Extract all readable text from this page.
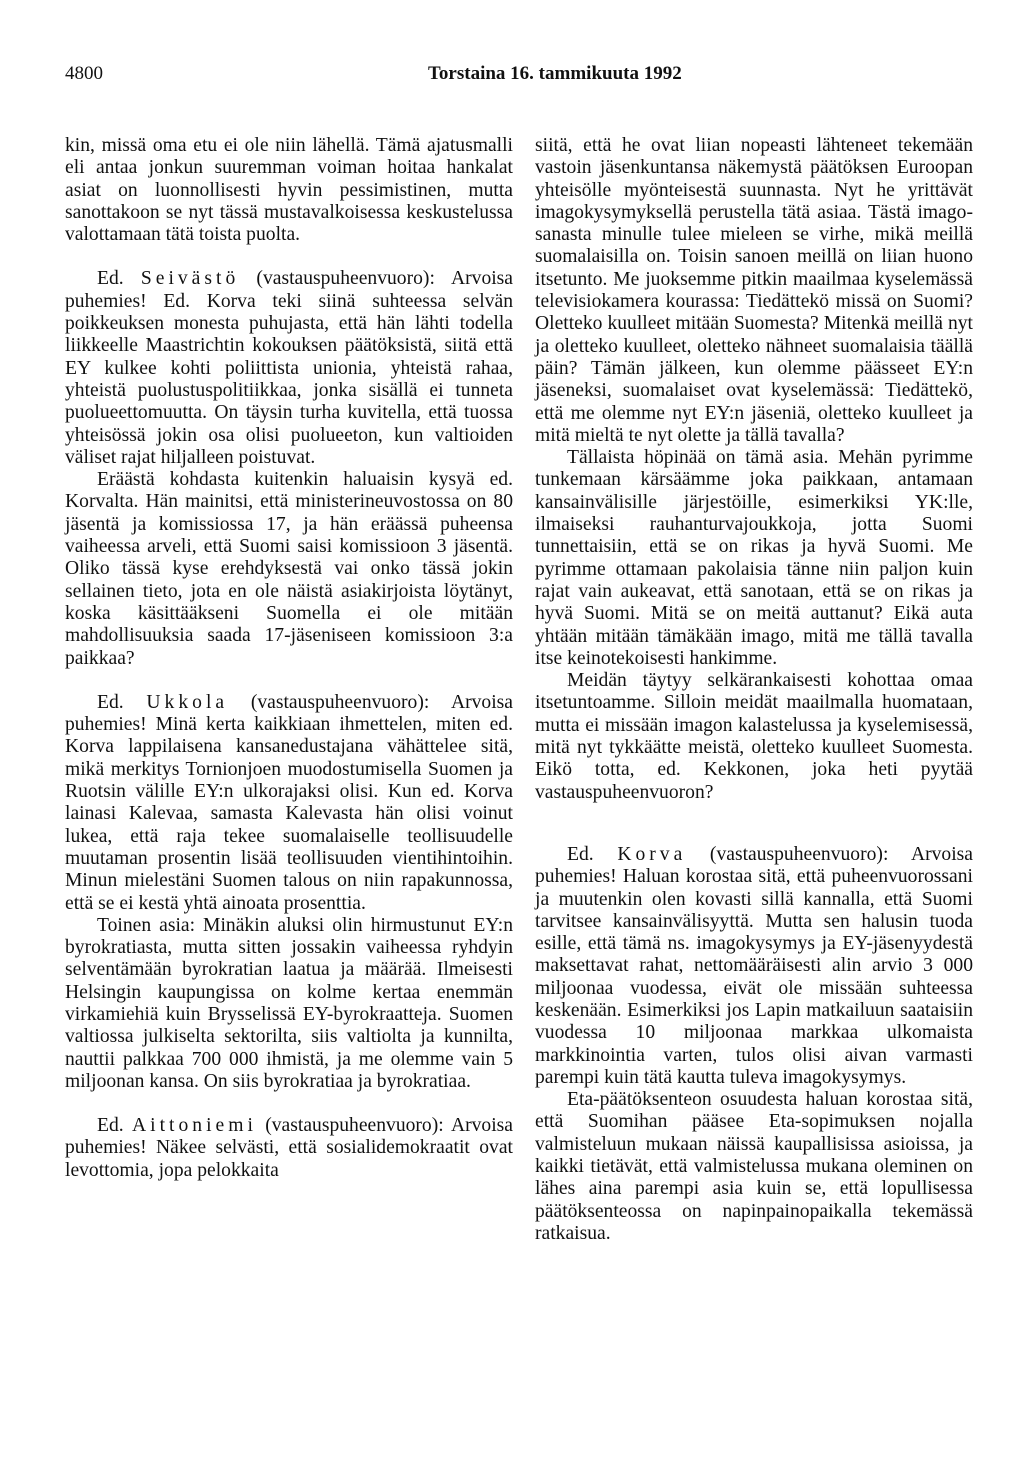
4800	Torstaina 16. tammikuuta 1992

kin, missä oma etu ei ole niin lähellä. Tämä ajatusmalli eli antaa jonkun suuremman voiman hoitaa hankalat asiat on luonnollisesti hyvin pessimistinen, mutta sanottakoon se nyt tässä mustavalkoisessa keskustelussa valottamaan tätä toista puolta.

Ed. Seivästö (vastauspuheenvuoro): Arvoisa puhemies! Ed. Korva teki siinä suhteessa selvän poikkeuksen monesta puhujasta, että hän lähti todella liikkeelle Maastrichtin kokouksen päätöksistä, siitä että EY kulkee kohti poliittista unionia, yhteistä rahaa, yhteistä puolustuspolitiikkaa, jonka sisällä ei tunneta puolueettomuutta. On täysin turha kuvitella, että tuossa yhteisössä jokin osa olisi puolueeton, kun valtioiden väliset rajat hiljalleen poistuvat.

Eräästä kohdasta kuitenkin haluaisin kysyä ed. Korvalta. Hän mainitsi, että ministerineuvostossa on 80 jäsentä ja komissiossa 17, ja hän eräässä puheensa vaiheessa arveli, että Suomi saisi komissioon 3 jäsentä. Oliko tässä kyse erehdyksestä vai onko tässä jokin sellainen tieto, jota en ole näistä asiakirjoista löytänyt, koska käsittääkseni Suomella ei ole mitään mahdollisuuksia saada 17-jäseniseen komissioon 3:a paikkaa?

Ed. Ukkola (vastauspuheenvuoro): Arvoisa puhemies! Minä kerta kaikkiaan ihmettelen, miten ed. Korva lappilaisena kansanedustajana vähättelee sitä, mikä merkitys Tornionjoen muodostumisella Suomen ja Ruotsin välille EY:n ulkorajaksi olisi. Kun ed. Korva lainasi Kalevaa, samasta Kalevasta hän olisi voinut lukea, että raja tekee suomalaiselle teollisuudelle muutaman prosentin lisää teollisuuden vientihintoihin. Minun mielestäni Suomen talous on niin rapakunnossa, että se ei kestä yhtä ainoata prosenttia.

Toinen asia: Minäkin aluksi olin hirmustunut EY:n byrokratiasta, mutta sitten jossakin vaiheessa ryhdyin selventämään byrokratian laatua ja määrää. Ilmeisesti Helsingin kaupungissa on kolme kertaa enemmän virkamiehiä kuin Brysselissä EY-byrokraatteja. Suomen valtiossa julkiselta sektorilta, siis valtiolta ja kunnilta, nauttii palkkaa 700 000 ihmistä, ja me olemme vain 5 miljoonan kansa. On siis byrokratiaa ja byrokratiaa.

Ed. Aittoniemi (vastauspuheenvuoro): Arvoisa puhemies! Näkee selvästi, että sosialidemokraatit ovat levottomia, jopa pelokkaita

siitä, että he ovat liian nopeasti lähteneet tekemään vastoin jäsenkuntansa näkemystä päätöksen Euroopan yhteisölle myönteisestä suunnasta. Nyt he yrittävät imagokysymyksellä perustella tätä asiaa. Tästä imago-sanasta minulle tulee mieleen se virhe, mikä meillä suomalaisilla on. Toisin sanoen meillä on liian huono itsetunto. Me juoksemme pitkin maailmaa kyselemässä televisiokamera kourassa: Tiedättekö missä on Suomi? Oletteko kuulleet mitään Suomesta? Mitenkä meillä nyt ja oletteko kuulleet, oletteko nähneet suomalaisia täällä päin? Tämän jälkeen, kun olemme päässeet EY:n jäseneksi, suomalaiset ovat kyselemässä: Tiedättekö, että me olemme nyt EY:n jäseniä, oletteko kuulleet ja mitä mieltä te nyt olette ja tällä tavalla?

Tällaista höpinää on tämä asia. Mehän pyrimme tunkemaan kärsäämme joka paikkaan, antamaan kansainvälisille järjestöille, esimerkiksi YK:lle, ilmaiseksi rauhanturvajoukkoja, jotta Suomi tunnettaisiin, että se on rikas ja hyvä Suomi. Me pyrimme ottamaan pakolaisia tänne niin paljon kuin rajat vain aukeavat, että sanotaan, että se on rikas ja hyvä Suomi. Mitä se on meitä auttanut? Eikä auta yhtään mitään tämäkään imago, mitä me tällä tavalla itse keinotekoisesti hankimme.

Meidän täytyy selkärankaisesti kohottaa omaa itsetuntoamme. Silloin meidät maailmalla huomataan, mutta ei missään imagon kalastelussa ja kyselemisessä, mitä nyt tykkäätte meistä, oletteko kuulleet Suomesta. Eikö totta, ed. Kekkonen, joka heti pyytää vastauspuheenvuoron?

Ed. Korva (vastauspuheenvuoro): Arvoisa puhemies! Haluan korostaa sitä, että puheenvuorossani ja muutenkin olen kovasti sillä kannalla, että Suomi tarvitsee kansainvälisyyttä. Mutta sen halusin tuoda esille, että tämä ns. imagokysymys ja EY-jäsenyydestä maksettavat rahat, nettomääräisesti alin arvio 3 000 miljoonaa vuodessa, eivät ole missään suhteessa keskenään. Esimerkiksi jos Lapin matkailuun saataisiin vuodessa 10 miljoonaa markkaa ulkomaista markkinointia varten, tulos olisi aivan varmasti parempi kuin tätä kautta tuleva imagokysymys.

Eta-päätöksenteon osuudesta haluan korostaa sitä, että Suomihan pääsee Eta-sopimuksen nojalla valmisteluun mukaan näissä kaupallisissa asioissa, ja kaikki tietävät, että valmistelussa mukana oleminen on lähes aina parempi asia kuin se, että lopullisessa päätöksenteossa on napinpainopaikalla tekemässä ratkaisua.
